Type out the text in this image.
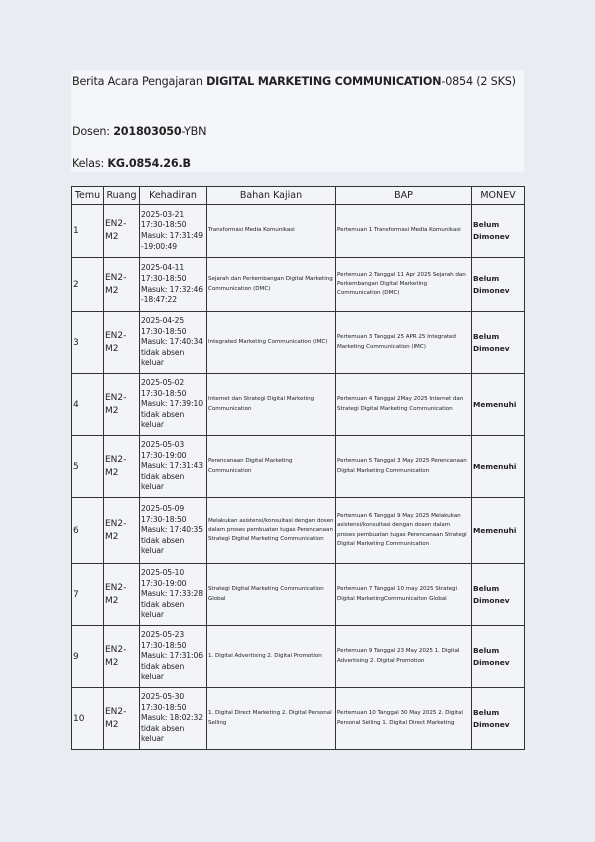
Berita Acara Pengajaran DIGITAL MARKETING COMMUNICATION-0854 (2 SKS)

Dosen: 201803050-YBN

Kelas: KG.0854.26.B

Temu	Ruang	Kehadiran	Bahan Kajian	BAP	MONEV
1	EN2-M2	2025-03-21
17:30-18:50
Masuk: 17:31:49
-19:00:49	Transformasi Media Komunikasi	Pertemuan 1 Transformasi Media Komunikasi	Belum Dimonev
2	EN2-M2	2025-04-11
17:30-18:50
Masuk: 17:32:46
-18:47:22	Sejarah dan Perkembangan Digital Marketing Communication (DMC)	Pertemuan 2 Tanggal 11 Apr 2025 Sejarah dan Perkembangan Digital Marketing Communication (DMC)	Belum Dimonev
3	EN2-M2	2025-04-25
17:30-18:50
Masuk: 17:40:34
tidak absen keluar	Integrated Marketing Communication (IMC)	Pertemuan 3 Tanggal 25 APR 25 Integrated Marketing Communication (IMC)	Belum Dimonev
4	EN2-M2	2025-05-02
17:30-18:50
Masuk: 17:39:10
tidak absen keluar	Internet dan Strategi Digital Marketing Communication	Pertemuan 4 Tanggal 2May 2025 Internet dan Strategi Digital Marketing Communication	Memenuhi
5	EN2-M2	2025-05-03
17:30-19:00
Masuk: 17:31:43
tidak absen keluar	Perencanaan Digital Marketing Communication	Pertemuan 5 Tanggal 3 May 2025 Perencanaan Digital Marketing Communication	Memenuhi
6	EN2-M2	2025-05-09
17:30-18:50
Masuk: 17:40:35
tidak absen keluar	Melakukan asistensi/konsultasi dengan dosen dalam proses pembuatan tugas Perencanaan Strategi Digital Marketing Communication	Pertemuan 6 Tanggal 9 May 2025 Melakukan asistensi/konsultasi dengan dosen dalam proses pembuatan tugas Perencanaan Strategi Digital Marketing Communication	Memenuhi
7	EN2-M2	2025-05-10
17:30-19:00
Masuk: 17:33:28
tidak absen keluar	Strategi Digital Marketing Communication Global	Pertemuan 7 Tanggal 10 may 2025 Strategi Digital MarketingCommunicaiton Global	Belum Dimonev
9	EN2-M2	2025-05-23
17:30-18:50
Masuk: 17:31:06
tidak absen keluar	1. Digital Advertising 2. Digital Promotion	Pertemuan 9 Tanggal 23 May 2025 1. Digital Advertising 2. Digital Promotion	Belum Dimonev
10	EN2-M2	2025-05-30
17:30-18:50
Masuk: 18:02:32
tidak absen keluar	1. Digital Direct Marketing 2. Digital Personal Selling	Pertemuan 10 Tanggal 30 May 2025 2. Digital Personal Selling 1. Digital Direct Marketing	Belum Dimonev
